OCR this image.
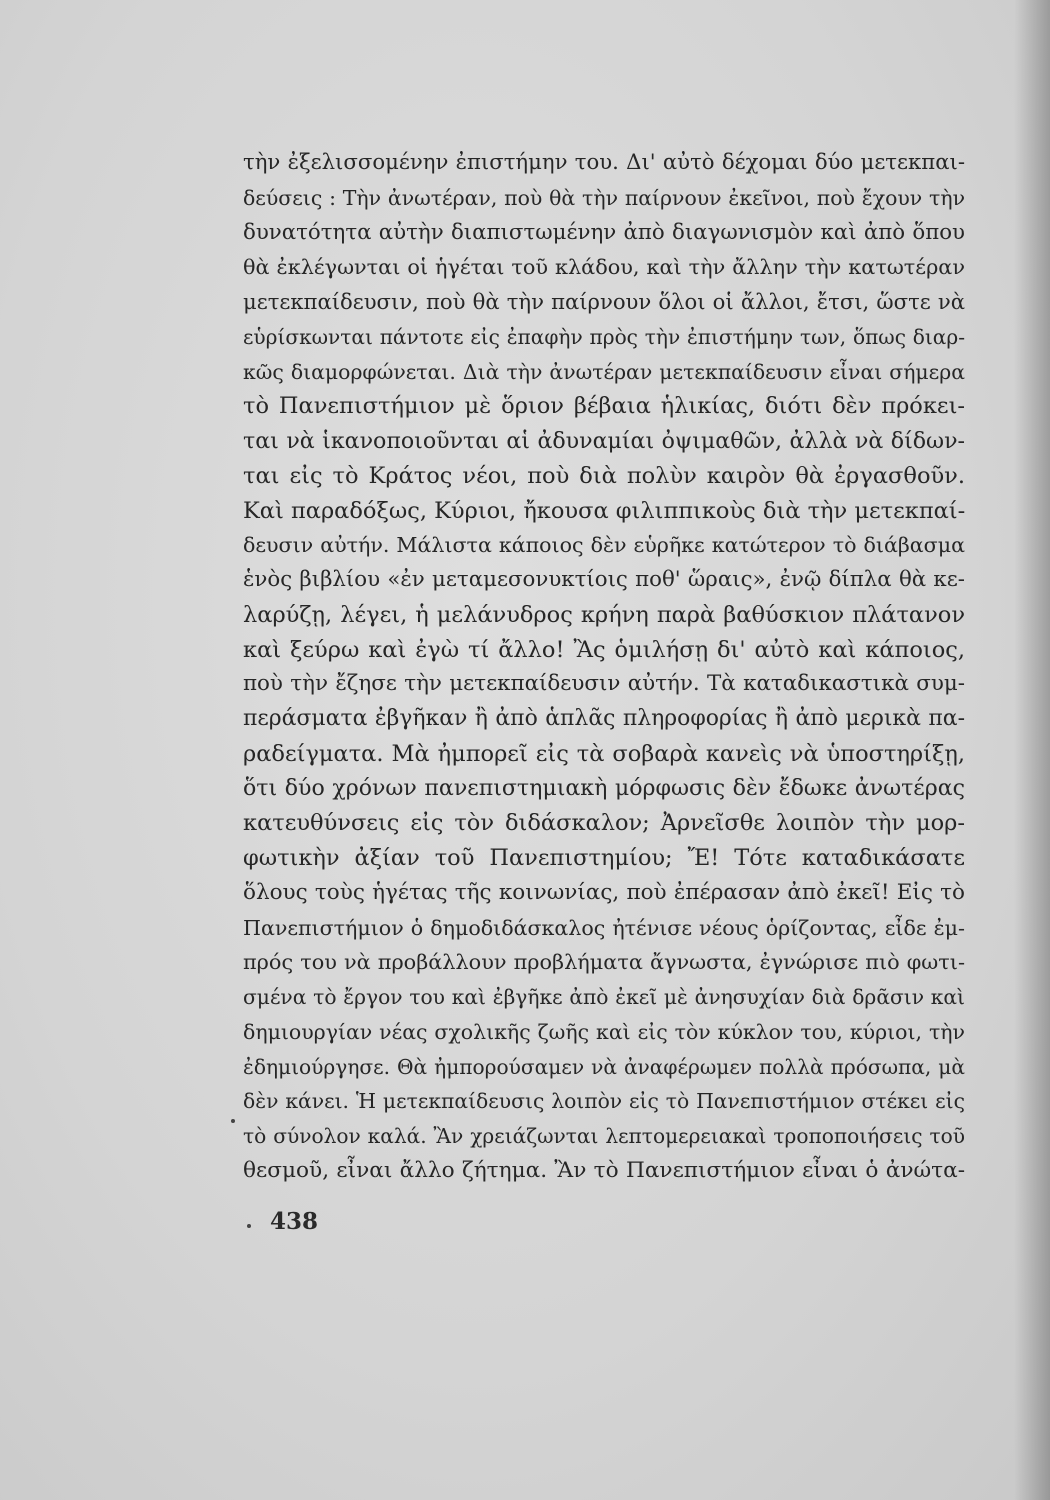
τὴν ἐξελισσομένην ἐπιστήμην του. Δι' αὐτὸ δέχομαι δύο μετεκπαι-
δεύσεις : Τὴν ἀνωτέραν, ποὺ θὰ τὴν παίρνουν ἐκεῖνοι, ποὺ ἔχουν τὴν
δυνατότητα αὐτὴν διαπιστωμένην ἀπὸ διαγωνισμὸν καὶ ἀπὸ ὅπου
θὰ ἐκλέγωνται οἱ ἡγέται τοῦ κλάδου, καὶ τὴν ἄλλην τὴν κατωτέραν
μετεκπαίδευσιν, ποὺ θὰ τὴν παίρνουν ὅλοι οἱ ἄλλοι, ἔτσι, ὥστε νὰ
εὑρίσκωνται πάντοτε εἰς ἐπαφὴν πρὸς τὴν ἐπιστήμην των, ὅπως διαρ-
κῶς διαμορφώνεται. Διὰ τὴν ἀνωτέραν μετεκπαίδευσιν εἶναι σήμερα
τὸ Πανεπιστήμιον μὲ ὅριον βέβαια ἡλικίας, διότι δὲν πρόκει-
ται νὰ ἱκανοποιοῦνται αἱ ἀδυναμίαι ὀψιμαθῶν, ἀλλὰ νὰ δίδων-
ται εἰς τὸ Κράτος νέοι, ποὺ διὰ πολὺν καιρὸν θὰ ἐργασθοῦν.
Καὶ παραδόξως, Κύριοι, ἤκουσα φιλιππικοὺς διὰ τὴν μετεκπαί-
δευσιν αὐτήν. Μάλιστα κάποιος δὲν εὑρῆκε κατώτερον τὸ διάβασμα
ἑνὸς βιβλίου «ἐν μεταμεσονυκτίοις ποθ' ὥραις», ἐνῷ δίπλα θὰ κε-
λαρύζῃ, λέγει, ἡ μελάνυδρος κρήνη παρὰ βαθύσκιον πλάτανον
καὶ ξεύρω καὶ ἐγὼ τί ἄλλο! Ἂς ὁμιλήσῃ δι' αὐτὸ καὶ κάποιος,
ποὺ τὴν ἔζησε τὴν μετεκπαίδευσιν αὐτήν. Τὰ καταδικαστικὰ συμ-
περάσματα ἐβγῆκαν ἢ ἀπὸ ἁπλᾶς πληροφορίας ἢ ἀπὸ μερικὰ πα-
ραδείγματα. Μὰ ἠμπορεῖ εἰς τὰ σοβαρὰ κανεὶς νὰ ὑποστηρίξῃ,
ὅτι δύο χρόνων πανεπιστημιακὴ μόρφωσις δὲν ἔδωκε ἀνωτέρας
κατευθύνσεις εἰς τὸν διδάσκαλον; Ἀρνεῖσθε λοιπὸν τὴν μορ-
φωτικὴν ἀξίαν τοῦ Πανεπιστημίου; Ἔ! Τότε καταδικάσατε
ὅλους τοὺς ἡγέτας τῆς κοινωνίας, ποὺ ἐπέρασαν ἀπὸ ἐκεῖ! Εἰς τὸ
Πανεπιστήμιον ὁ δημοδιδάσκαλος ἠτένισε νέους ὁρίζοντας, εἶδε ἐμ-
πρός του νὰ προβάλλουν προβλήματα ἄγνωστα, ἐγνώρισε πιὸ φωτι-
σμένα τὸ ἔργον του καὶ ἐβγῆκε ἀπὸ ἐκεῖ μὲ ἀνησυχίαν διὰ δρᾶσιν καὶ
δημιουργίαν νέας σχολικῆς ζωῆς καὶ εἰς τὸν κύκλον του, κύριοι, τὴν
ἐδημιούργησε. Θὰ ἠμπορούσαμεν νὰ ἀναφέρωμεν πολλὰ πρόσωπα, μὰ
δὲν κάνει. Ἡ μετεκπαίδευσις λοιπὸν εἰς τὸ Πανεπιστήμιον στέκει εἰς
τὸ σύνολον καλά. Ἂν χρειάζωνται λεπτομερειακαὶ τροποποιήσεις τοῦ
θεσμοῦ, εἶναι ἄλλο ζήτημα. Ἂν τὸ Πανεπιστήμιον εἶναι ὁ ἀνώτα-
438
